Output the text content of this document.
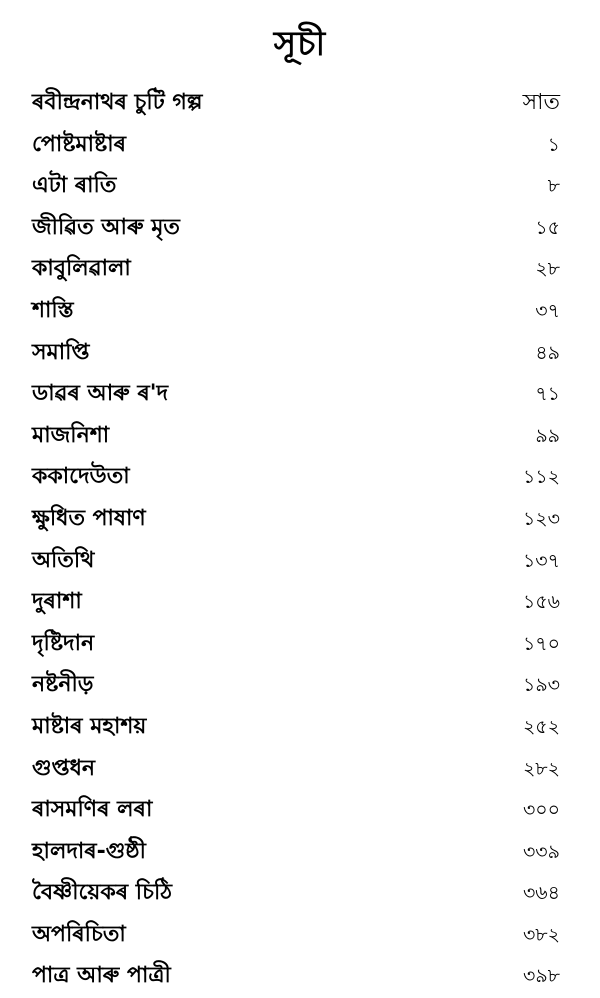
সূচী
ৰবীন্দ্ৰনাথৰ চুটি গল্প	সাত
পোষ্টমাষ্টাৰ	১
এটা ৰাতি	৮
জীৱিত আৰু মৃত	১৫
কাবুলিৱালা	২৮
শাস্তি	৩৭
সমাপ্তি	৪৯
ডাৱৰ আৰু ৰ'দ	৭১
মাজনিশা	৯৯
ককাদেউতা	১১২
ক্ষুধিত পাষাণ	১২৩
অতিথি	১৩৭
দুৰাশা	১৫৬
দৃষ্টিদান	১৭০
নষ্টনীড়	১৯৩
মাষ্টাৰ মহাশয়	২৫২
গুপ্তধন	২৮২
ৰাসমণিৰ লৰা	৩০০
হালদাৰ-গুষ্ঠী	৩৩৯
বৈষ্ণীয়েকৰ চিঠি	৩৬৪
অপৰিচিতা	৩৮২
পাত্ৰ আৰু পাত্ৰী	৩৯৮
